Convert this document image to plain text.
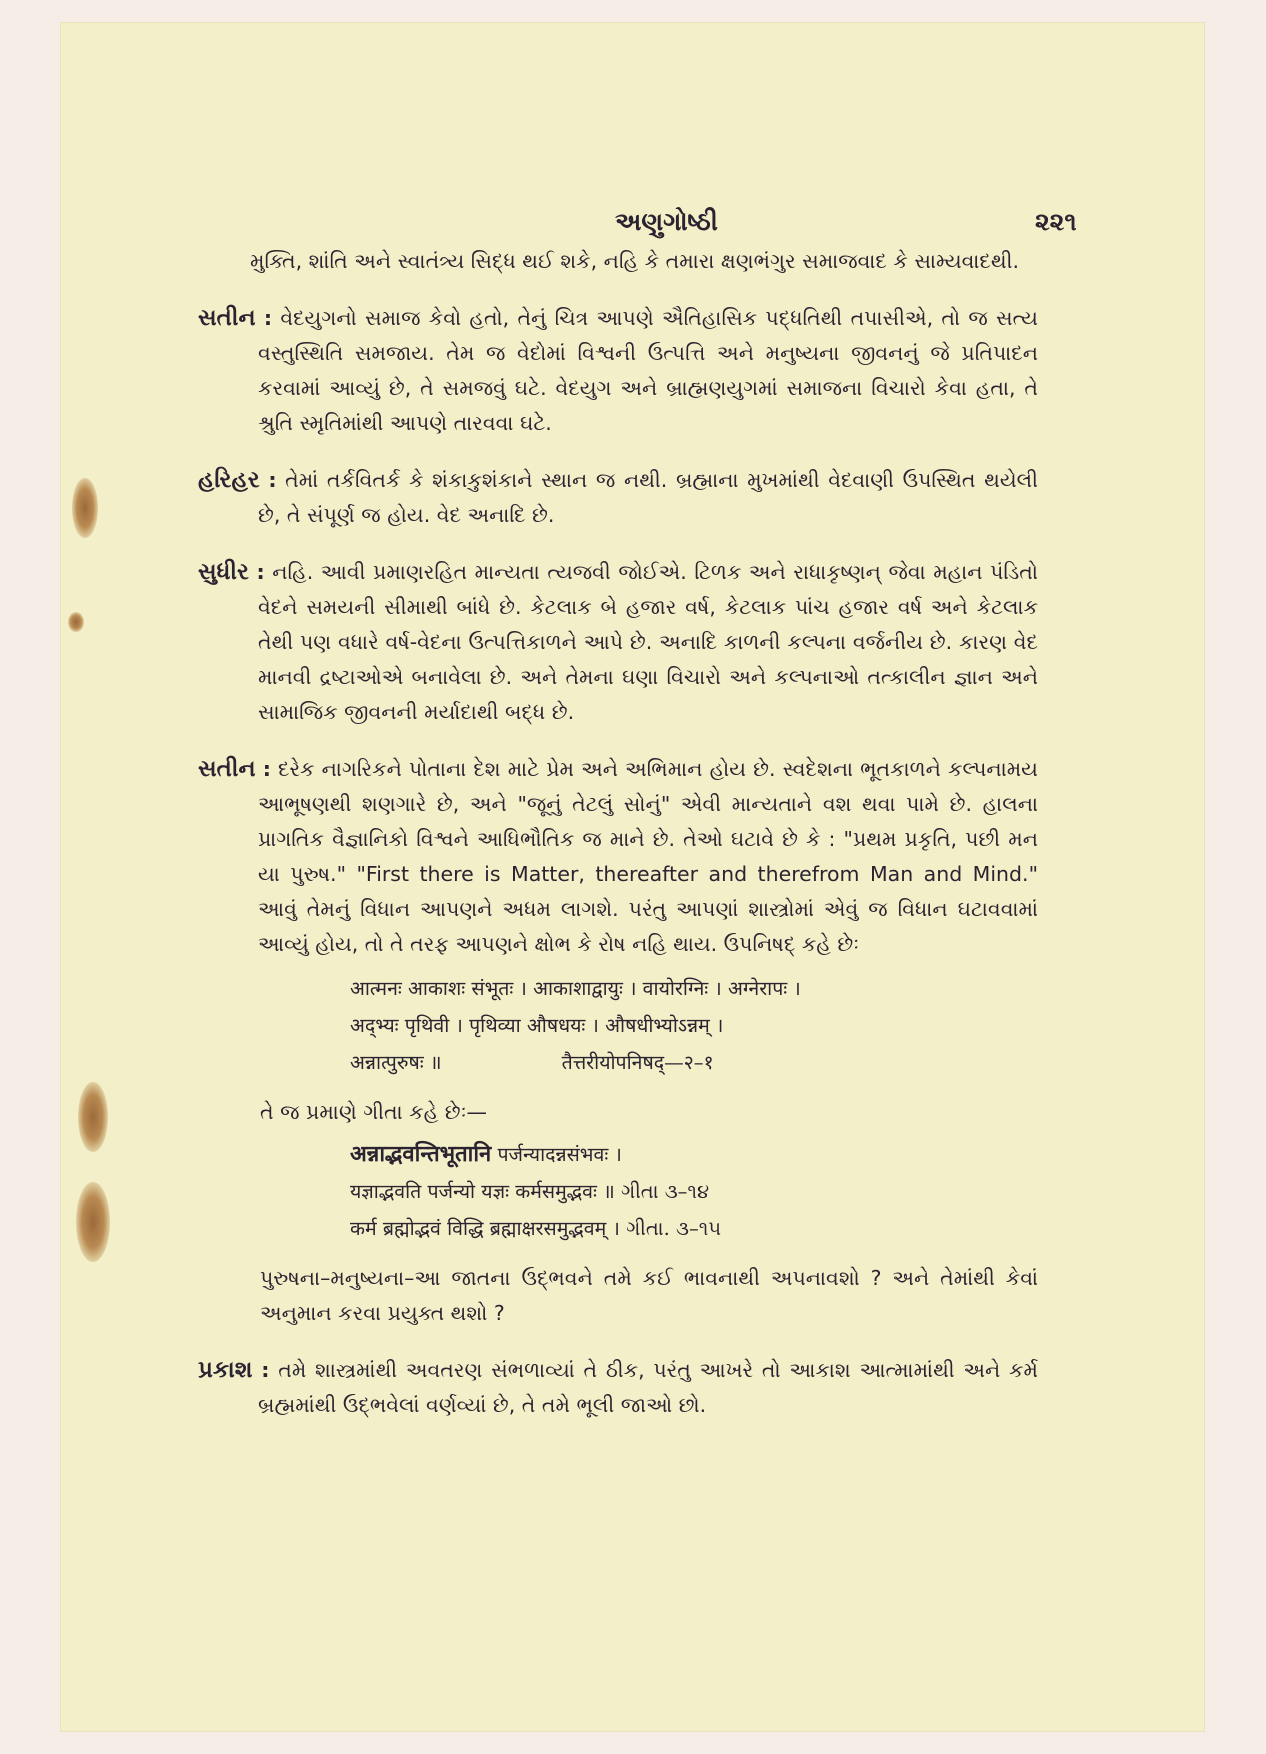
અણુગોષ્ઠી	૨૨૧

મુક્તિ, શાંતિ અને સ્વાતંત્ર્ય સિદ્ધ થઈ શકે, નહિ કે તમારા ક્ષણભંગુર સમાજવાદ કે સામ્યવાદથી.

સતીન : વેદયુગનો સમાજ કેવો હતો, તેનું ચિત્ર આપણે ઐતિહાસિક પદ્ધતિથી તપાસીએ, તો જ સત્ય વસ્તુસ્થિતિ સમજાય. તેમ જ વેદોમાં વિશ્વની ઉત્પત્તિ અને મનુષ્યના જીવનનું જે પ્રતિપાદન કરવામાં આવ્યું છે, તે સમજવું ઘટે. વેદયુગ અને બ્રાહ્મણયુગમાં સમાજના વિચારો કેવા હતા, તે શ્રુતિ સ્મૃતિમાંથી આપણે તારવવા ઘટે.

હરિહર : તેમાં તર્કવિતર્ક કે શંકાકુશંકાને સ્થાન જ નથી. બ્રહ્માના મુખમાંથી વેદવાણી ઉપસ્થિત થયેલી છે, તે સંપૂર્ણ જ હોય. વેદ અનાદિ છે.

સુધીર : નહિ. આવી પ્રમાણરહિત માન્યતા ત્યજવી જોઈએ. ટિળક અને રાધાકૃષ્ણન્ જેવા મહાન પંડિતો વેદને સમયની સીમાથી બાંધે છે. કેટલાક બે હજાર વર્ષ, કેટલાક પાંચ હજાર વર્ષ અને કેટલાક તેથી પણ વધારે વર્ષ-વેદના ઉત્પત્તિકાળને આપે છે. અનાદિ કાળની કલ્પના વર્જનીય છે. કારણ વેદ માનવી દ્રષ્ટાઓએ બનાવેલા છે. અને તેમના ઘણા વિચારો અને કલ્પનાઓ તત્કાલીન જ્ઞાન અને સામાજિક જીવનની મર્યાદાથી બદ્ધ છે.

સતીન : દરેક નાગરિકને પોતાના દેશ માટે પ્રેમ અને અભિમાન હોય છે. સ્વદેશના ભૂતકાળને કલ્પનામય આભૂષણથી શણગારે છે, અને "જૂનું તેટલું સોનું" એવી માન્યતાને વશ થવા પામે છે. હાલના પ્રાગતિક વૈજ્ઞાનિકો વિશ્વને આધિભૌતિક જ માને છે. તેઓ ઘટાવે છે કે : "પ્રથમ પ્રકૃતિ, પછી મન યા પુરુષ." "First there is Matter, thereafter and therefrom Man and Mind." આવું તેમનું વિધાન આપણને અધમ લાગશે. પરંતુ આપણાં શાસ્ત્રોમાં એવું જ વિધાન ઘટાવવામાં આવ્યું હોય, તો તે તરફ આપણને ક્ષોભ કે રોષ નહિ થાય. ઉપનિષદ્ કહે છેઃ

आत्मनः आकाशः संभूतः । आकाशाद्वायुः । वायोरग्निः । अग्नेरापः ।
अद्भ्यः पृथिवी । पृथिव्या औषधयः । औषधीभ्योऽन्नम् ।
अन्नात्पुरुषः ॥	तैत्तरीयोपनिषद्—२–१

તે જ પ્રમાણે ગીતા કહે છેઃ—

अन्नाद्भवन्तिभूतानि पर्जन्यादन्नसंभवः ।
यज्ञाद्भवति पर्जन्यो यज्ञः कर्मसमुद्भवः ॥ ગીતા ૩–૧૪
कर्म ब्रह्मोद्भवं विद्धि ब्रह्माक्षरसमुद्भवम् । ગીતા. ૩–૧૫

પુરુષના–મનુષ્યના–આ જાતના ઉદ્ભવને તમે કઈ ભાવનાથી અપનાવશો ? અને તેમાંથી કેવાં અનુમાન કરવા પ્રયુક્ત થશો ?

પ્રકાશ : તમે શાસ્ત્રમાંથી અવતરણ સંભળાવ્યાં તે ઠીક, પરંતુ આખરે તો આકાશ આત્મામાંથી અને કર્મ બ્રહ્મમાંથી ઉદ્ભવેલાં વર્ણવ્યાં છે, તે તમે ભૂલી જાઓ છો.
